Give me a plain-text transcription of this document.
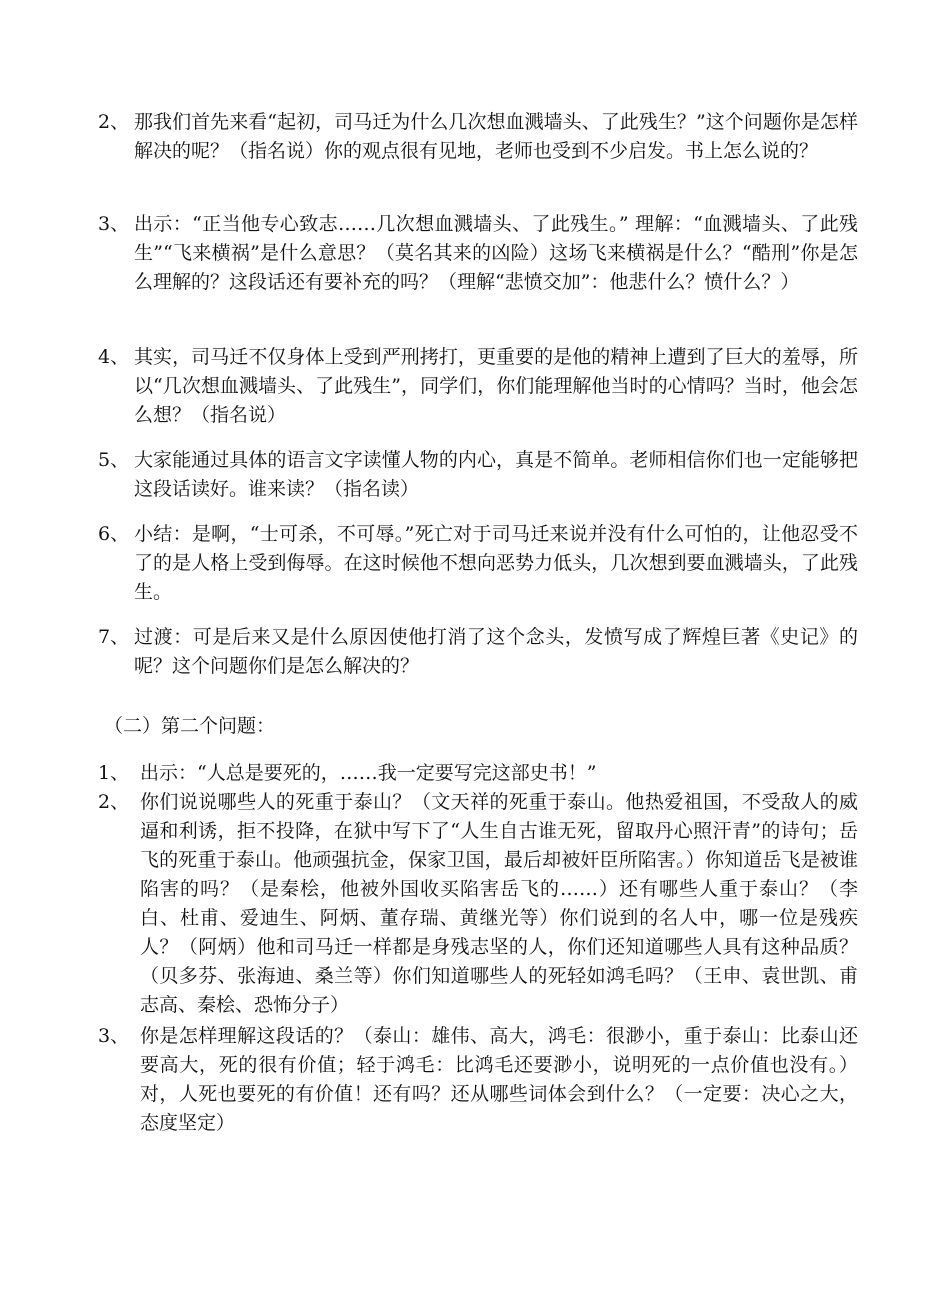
2、 那我们首先来看“起初，司马迁为什么几次想血溅墙头、了此残生？”这个问题你是怎样解决的呢？（指名说）你的观点很有见地，老师也受到不少启发。书上怎么说的？
3、 出示：“正当他专心致志……几次想血溅墙头、了此残生。” 理解：“血溅墙头、了此残生”“飞来横祸”是什么意思？（莫名其来的凶险）这场飞来横祸是什么？“酷刑”你是怎么理解的？这段话还有要补充的吗？（理解“悲愤交加”：他悲什么？愤什么？）
4、 其实，司马迁不仅身体上受到严刑拷打，更重要的是他的精神上遭到了巨大的羞辱，所以“几次想血溅墙头、了此残生”，同学们，你们能理解他当时的心情吗？当时，他会怎么想？（指名说）
5、 大家能通过具体的语言文字读懂人物的内心，真是不简单。老师相信你们也一定能够把这段话读好。谁来读？（指名读）
6、 小结：是啊，“士可杀，不可辱。”死亡对于司马迁来说并没有什么可怕的，让他忍受不了的是人格上受到侮辱。在这时候他不想向恶势力低头，几次想到要血溅墙头，了此残生。
7、 过渡：可是后来又是什么原因使他打消了这个念头，发愤写成了辉煌巨著《史记》的呢？这个问题你们是怎么解决的？

（二）第二个问题：

1、 出示：“人总是要死的，……我一定要写完这部史书！”
2、 你们说说哪些人的死重于泰山？（文天祥的死重于泰山。他热爱祖国，不受敌人的威逼和利诱，拒不投降，在狱中写下了“人生自古谁无死，留取丹心照汗青”的诗句；岳飞的死重于泰山。他顽强抗金，保家卫国，最后却被奸臣所陷害。）你知道岳飞是被谁陷害的吗？（是秦桧，他被外国收买陷害岳飞的……）还有哪些人重于泰山？（李白、杜甫、爱迪生、阿炳、董存瑞、黄继光等）你们说到的名人中，哪一位是残疾人？（阿炳）他和司马迁一样都是身残志坚的人，你们还知道哪些人具有这种品质？（贝多芬、张海迪、桑兰等）你们知道哪些人的死轻如鸿毛吗？（王申、袁世凯、甫志高、秦桧、恐怖分子）
3、 你是怎样理解这段话的？（泰山：雄伟、高大，鸿毛：很渺小，重于泰山：比泰山还要高大，死的很有价值；轻于鸿毛：比鸿毛还要渺小，说明死的一点价值也没有。）对，人死也要死的有价值！还有吗？还从哪些词体会到什么？（一定要：决心之大，态度坚定）
